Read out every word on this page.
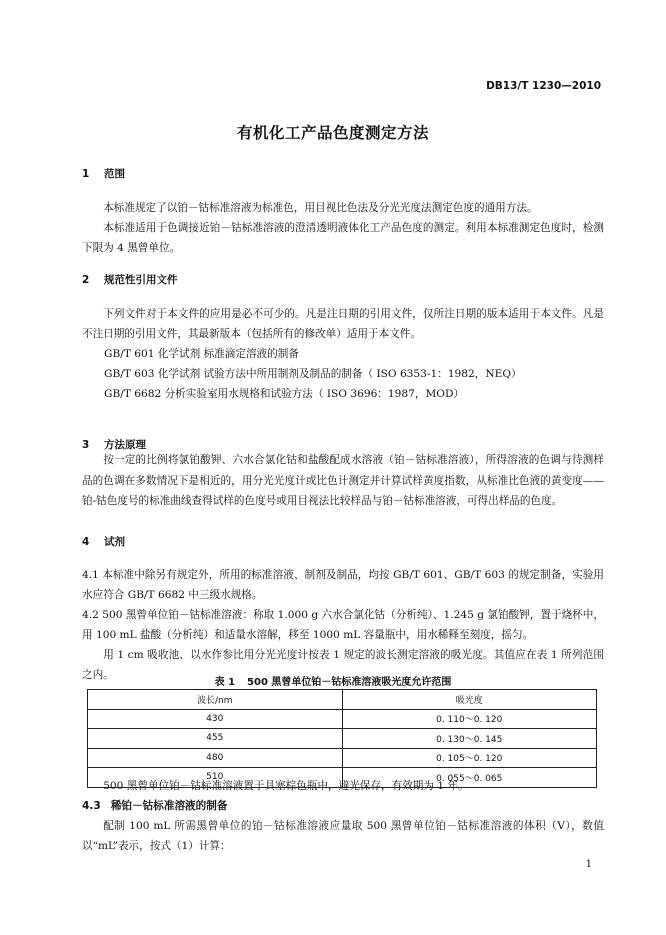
DB13/T 1230—2010
有机化工产品色度测定方法
1 范围
本标准规定了以铂－钴标准溶液为标准色，用目视比色法及分光光度法测定色度的通用方法。
本标准适用于色调接近铂－钴标准溶液的澄清透明液体化工产品色度的测定。利用本标准测定色度时，检测下限为 4 黑曾单位。
2 规范性引用文件
下列文件对于本文件的应用是必不可少的。凡是注日期的引用文件，仅所注日期的版本适用于本文件。凡是不注日期的引用文件，其最新版本（包括所有的修改单）适用于本文件。
GB/T 601 化学试剂 标准滴定溶液的制备
GB/T 603 化学试剂 试验方法中所用制剂及制品的制备（ ISO 6353-1：1982，NEQ）
GB/T 6682 分析实验室用水规格和试验方法（ ISO 3696：1987，MOD）
3 方法原理
按一定的比例将氯铂酸钾、六水合氯化钴和盐酸配成水溶液（铂－钴标准溶液），所得溶液的色调与待测样品的色调在多数情况下是相近的，用分光光度计或比色计测定并计算试样黄度指数，从标准比色液的黄变度——铂-钴色度号的标准曲线查得试样的色度号或用目视法比较样品与铂－钴标准溶液，可得出样品的色度。
4 试剂
4.1 本标准中除另有规定外，所用的标准溶液、制剂及制品，均按 GB/T 601、GB/T 603 的规定制备，实验用水应符合 GB/T 6682 中三级水规格。
4.2 500 黑曾单位铂－钴标准溶液：称取 1.000 g 六水合氯化钴（分析纯）、1.245 g 氯铂酸钾，置于烧杯中，用 100 mL 盐酸（分析纯）和适量水溶解，移至 1000 mL 容量瓶中，用水稀释至刻度，摇匀。
用 1 cm 吸收池、以水作参比用分光光度计按表 1 规定的波长测定溶液的吸光度。其值应在表 1 所列范围之内。
表 1 500 黑曾单位铂－钴标准溶液吸光度允许范围
波长/nm	吸光度
430	0. 110～0. 120
455	0. 130～0. 145
480	0. 105～0. 120
510	0. 055～0. 065
500 黑曾单位铂－钴标准溶液置于具塞棕色瓶中，避光保存，有效期为 1 年。
4.3 稀铂－钴标准溶液的制备
配制 100 mL 所需黑曾单位的铂－钴标准溶液应量取 500 黑曾单位铂－钴标准溶液的体积（V），数值以“mL”表示，按式（1）计算：
1
